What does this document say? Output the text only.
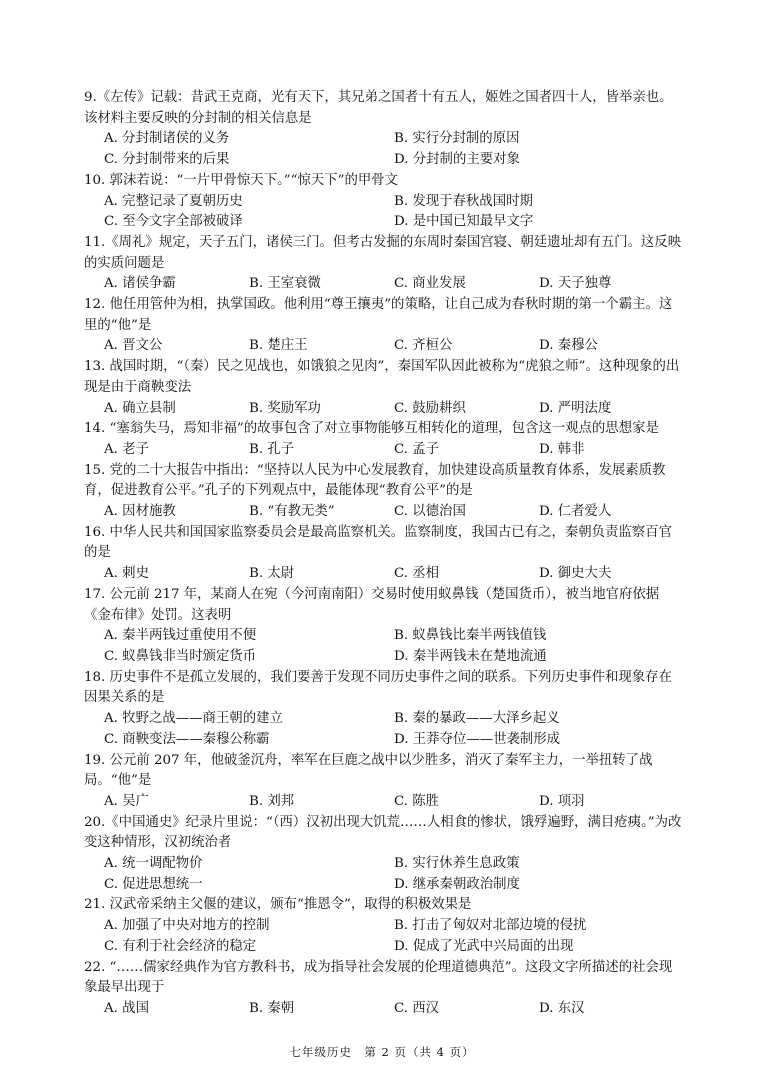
9.《左传》记载：昔武王克商，光有天下，其兄弟之国者十有五人，姬姓之国者四十人，皆举亲也。该材料主要反映的分封制的相关信息是
A. 分封制诸侯的义务	B. 实行分封制的原因
C. 分封制带来的后果	D. 分封制的主要对象
10. 郭沫若说：“一片甲骨惊天下。”“惊天下”的甲骨文
A. 完整记录了夏朝历史	B. 发现于春秋战国时期
C. 至今文字全部被破译	D. 是中国已知最早文字
11.《周礼》规定，天子五门，诸侯三门。但考古发掘的东周时秦国宫寝、朝廷遗址却有五门。这反映的实质问题是
A. 诸侯争霸	B. 王室衰微	C. 商业发展	D. 天子独尊
12. 他任用管仲为相，执掌国政。他利用“尊王攘夷”的策略，让自己成为春秋时期的第一个霸主。这里的“他”是
A. 晋文公	B. 楚庄王	C. 齐桓公	D. 秦穆公
13. 战国时期，“（秦）民之见战也，如饿狼之见肉”，秦国军队因此被称为“虎狼之师”。这种现象的出现是由于商鞅变法
A. 确立县制	B. 奖励军功	C. 鼓励耕织	D. 严明法度
14. “塞翁失马，焉知非福”的故事包含了对立事物能够互相转化的道理，包含这一观点的思想家是
A. 老子	B. 孔子	C. 孟子	D. 韩非
15. 党的二十大报告中指出：“坚持以人民为中心发展教育，加快建设高质量教育体系，发展素质教育，促进教育公平。”孔子的下列观点中，最能体现“教育公平”的是
A. 因材施教	B. “有教无类”	C. 以德治国	D. 仁者爱人
16. 中华人民共和国国家监察委员会是最高监察机关。监察制度，我国古已有之，秦朝负责监察百官的是
A. 刺史	B. 太尉	C. 丞相	D. 御史大夫
17. 公元前 217 年，某商人在宛（今河南南阳）交易时使用蚁鼻钱（楚国货币），被当地官府依据《金布律》处罚。这表明
A. 秦半两钱过重使用不便	B. 蚁鼻钱比秦半两钱值钱
C. 蚁鼻钱非当时颁定货币	D. 秦半两钱未在楚地流通
18. 历史事件不是孤立发展的，我们要善于发现不同历史事件之间的联系。下列历史事件和现象存在因果关系的是
A. 牧野之战——商王朝的建立	B. 秦的暴政——大泽乡起义
C. 商鞅变法——秦穆公称霸	D. 王莽夺位——世袭制形成
19. 公元前 207 年，他破釜沉舟，率军在巨鹿之战中以少胜多，消灭了秦军主力，一举扭转了战局。“他”是
A. 吴广	B. 刘邦	C. 陈胜	D. 项羽
20.《中国通史》纪录片里说：“（西）汉初出现大饥荒……人相食的惨状，饿殍遍野，满目疮痍。”为改变这种情形，汉初统治者
A. 统一调配物价	B. 实行休养生息政策
C. 促进思想统一	D. 继承秦朝政治制度
21. 汉武帝采纳主父偃的建议，颁布“推恩令”，取得的积极效果是
A. 加强了中央对地方的控制	B. 打击了匈奴对北部边境的侵扰
C. 有利于社会经济的稳定	D. 促成了光武中兴局面的出现
22. “……儒家经典作为官方教科书，成为指导社会发展的伦理道德典范”。这段文字所描述的社会现象最早出现于
A. 战国	B. 秦朝	C. 西汉	D. 东汉
七年级历史　第 2 页（共 4 页）
